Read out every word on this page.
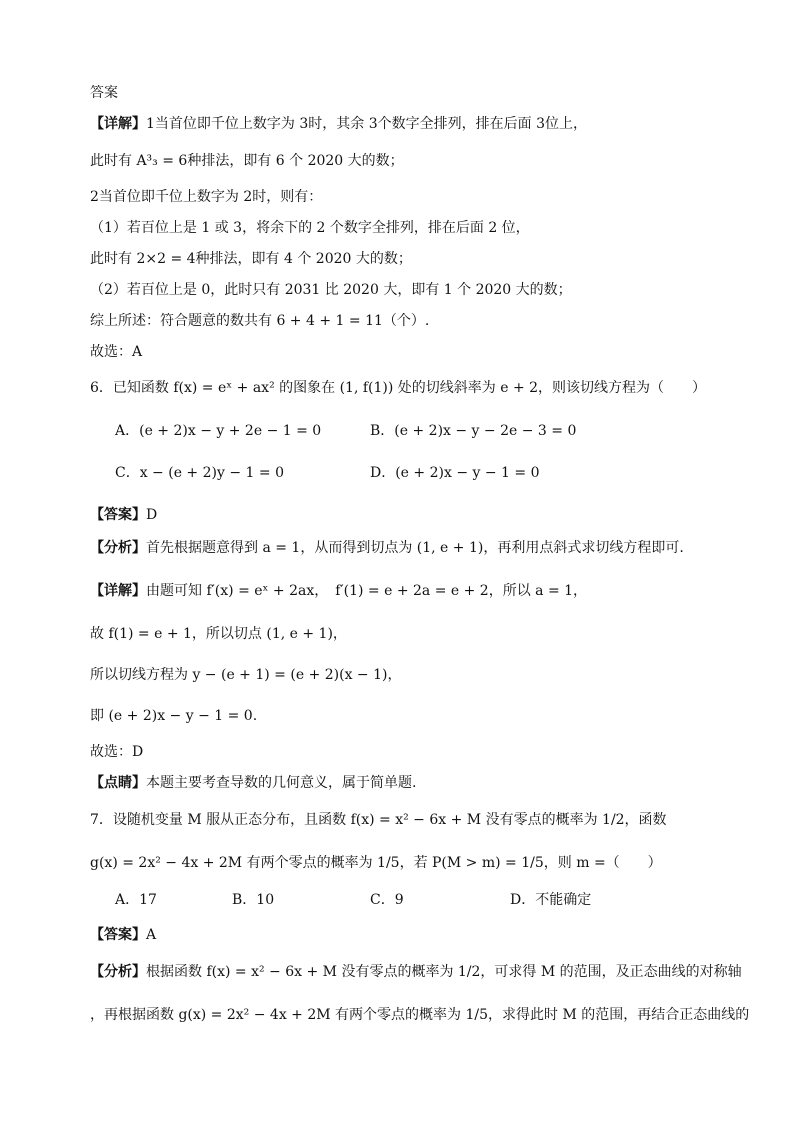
答案
【详解】1当首位即千位上数字为 3时，其余 3个数字全排列，排在后面 3位上，
此时有 A³₃ = 6种排法，即有 6 个 2020 大的数；
2当首位即千位上数字为 2时，则有：
（1）若百位上是 1 或 3，将余下的 2 个数字全排列，排在后面 2 位，
此时有 2×2 = 4种排法，即有 4 个 2020 大的数；
（2）若百位上是 0，此时只有 2031 比 2020 大，即有 1 个 2020 大的数；
综上所述：符合题意的数共有 6 + 4 + 1 = 11（个）.
故选：A
6．已知函数 f(x) = eˣ + ax² 的图象在 (1, f(1)) 处的切线斜率为 e + 2，则该切线方程为（　　）
A．(e + 2)x − y + 2e − 1 = 0	B．(e + 2)x − y − 2e − 3 = 0
C．x − (e + 2)y − 1 = 0	D．(e + 2)x − y − 1 = 0
【答案】D
【分析】首先根据题意得到 a = 1，从而得到切点为 (1, e + 1)，再利用点斜式求切线方程即可.
【详解】由题可知 f′(x) = eˣ + 2ax，　f′(1) = e + 2a = e + 2，所以 a = 1，
故 f(1) = e + 1，所以切点 (1, e + 1)，
所以切线方程为 y − (e + 1) = (e + 2)(x − 1)，
即 (e + 2)x − y − 1 = 0.
故选：D
【点睛】本题主要考查导数的几何意义，属于简单题.
7．设随机变量 M 服从正态分布，且函数 f(x) = x² − 6x + M 没有零点的概率为 1/2，函数
g(x) = 2x² − 4x + 2M 有两个零点的概率为 1/5，若 P(M > m) = 1/5，则 m =（　　）
A．17	B．10	C．9	D．不能确定
【答案】A
【分析】根据函数 f(x) = x² − 6x + M 没有零点的概率为 1/2，可求得 M 的范围，及正态曲线的对称轴
，再根据函数 g(x) = 2x² − 4x + 2M 有两个零点的概率为 1/5，求得此时 M 的范围，再结合正态曲线的
